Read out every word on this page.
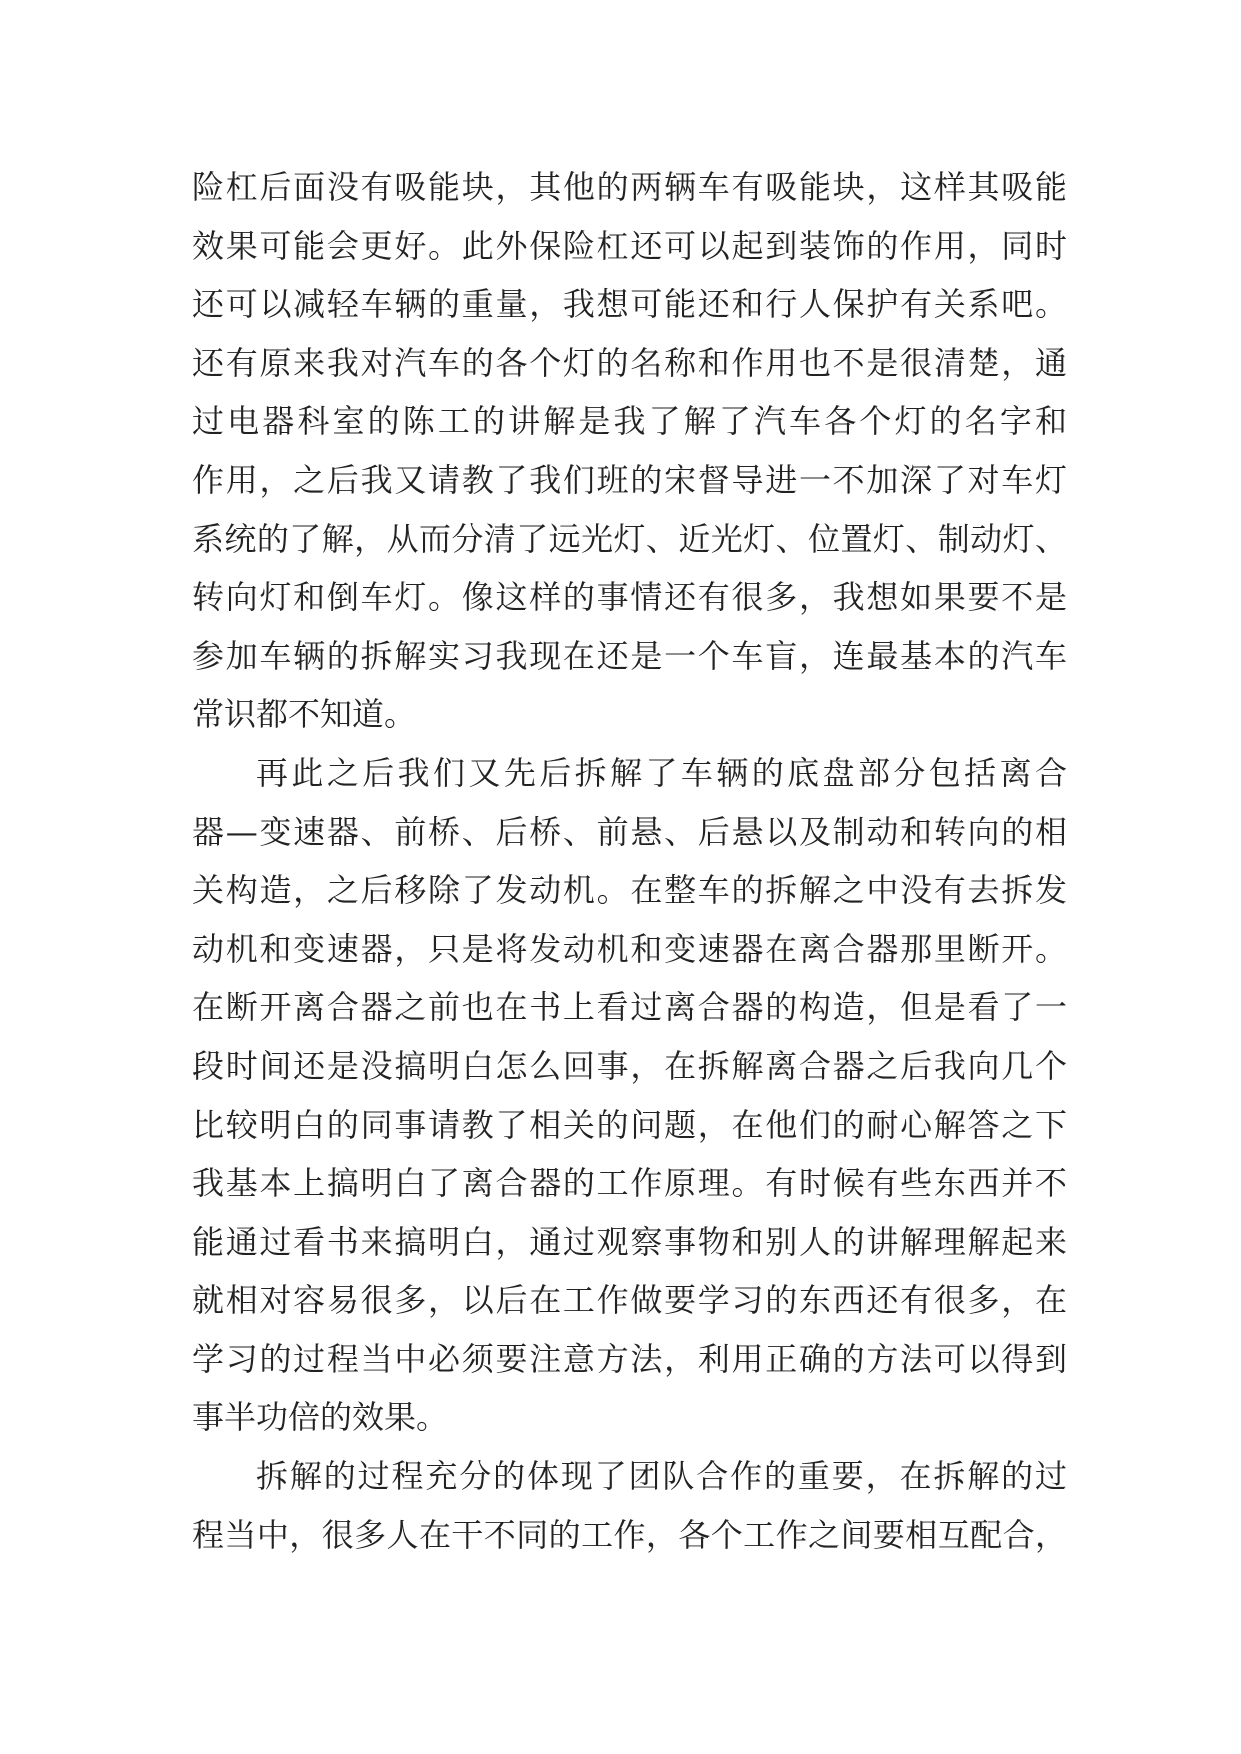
险杠后面没有吸能块，其他的两辆车有吸能块，这样其吸能
效果可能会更好。此外保险杠还可以起到装饰的作用，同时
还可以减轻车辆的重量，我想可能还和行人保护有关系吧。
还有原来我对汽车的各个灯的名称和作用也不是很清楚，通
过电器科室的陈工的讲解是我了解了汽车各个灯的名字和
作用，之后我又请教了我们班的宋督导进一不加深了对车灯
系统的了解，从而分清了远光灯、近光灯、位置灯、制动灯、
转向灯和倒车灯。像这样的事情还有很多，我想如果要不是
参加车辆的拆解实习我现在还是一个车盲，连最基本的汽车
常识都不知道。
再此之后我们又先后拆解了车辆的底盘部分包括离合
器—变速器、前桥、后桥、前悬、后悬以及制动和转向的相
关构造，之后移除了发动机。在整车的拆解之中没有去拆发
动机和变速器，只是将发动机和变速器在离合器那里断开。
在断开离合器之前也在书上看过离合器的构造，但是看了一
段时间还是没搞明白怎么回事，在拆解离合器之后我向几个
比较明白的同事请教了相关的问题，在他们的耐心解答之下
我基本上搞明白了离合器的工作原理。有时候有些东西并不
能通过看书来搞明白，通过观察事物和别人的讲解理解起来
就相对容易很多，以后在工作做要学习的东西还有很多，在
学习的过程当中必须要注意方法，利用正确的方法可以得到
事半功倍的效果。
拆解的过程充分的体现了团队合作的重要，在拆解的过
程当中，很多人在干不同的工作，各个工作之间要相互配合，
